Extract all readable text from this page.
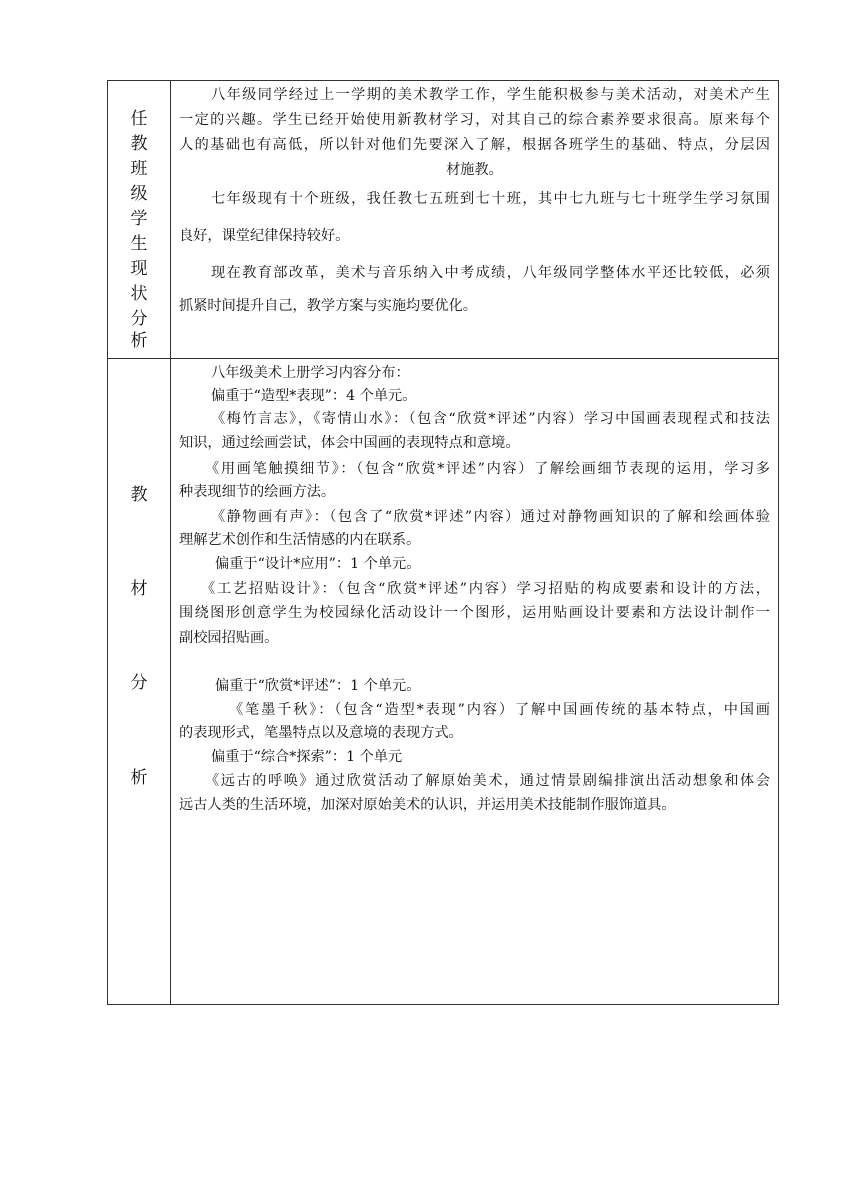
任
教
班
级
学
生
现
状
分
析
八年级同学经过上一学期的美术教学工作，学生能积极参与美术活动，对美术产生
一定的兴趣。学生已经开始使用新教材学习，对其自己的综合素养要求很高。原来每个
人的基础也有高低，所以针对他们先要深入了解，根据各班学生的基础、特点，分层因
材施教。
七年级现有十个班级，我任教七五班到七十班，其中七九班与七十班学生学习氛围
良好，课堂纪律保持较好。
现在教育部改革，美术与音乐纳入中考成绩，八年级同学整体水平还比较低，必须
抓紧时间提升自己，教学方案与实施均要优化。
教
材
分
析
八年级美术上册学习内容分布：
偏重于“造型*表现”：4 个单元。
《梅竹言志》，《寄情山水》：（包含“欣赏*评述”内容）学习中国画表现程式和技法
知识，通过绘画尝试，体会中国画的表现特点和意境。
《用画笔触摸细节》：（包含“欣赏*评述”内容）了解绘画细节表现的运用，学习多
种表现细节的绘画方法。
《静物画有声》：（包含了“欣赏*评述”内容）通过对静物画知识的了解和绘画体验
理解艺术创作和生活情感的内在联系。
偏重于“设计*应用”：1 个单元。
《工艺招贴设计》：（包含“欣赏*评述”内容）学习招贴的构成要素和设计的方法，
围绕图形创意学生为校园绿化活动设计一个图形，运用贴画设计要素和方法设计制作一
副校园招贴画。
偏重于“欣赏*评述”：1 个单元。
《笔墨千秋》：（包含“造型*表现”内容）了解中国画传统的基本特点，中国画
的表现形式，笔墨特点以及意境的表现方式。
偏重于“综合*探索”：1 个单元
《远古的呼唤》通过欣赏活动了解原始美术，通过情景剧编排演出活动想象和体会
远古人类的生活环境，加深对原始美术的认识，并运用美术技能制作服饰道具。
